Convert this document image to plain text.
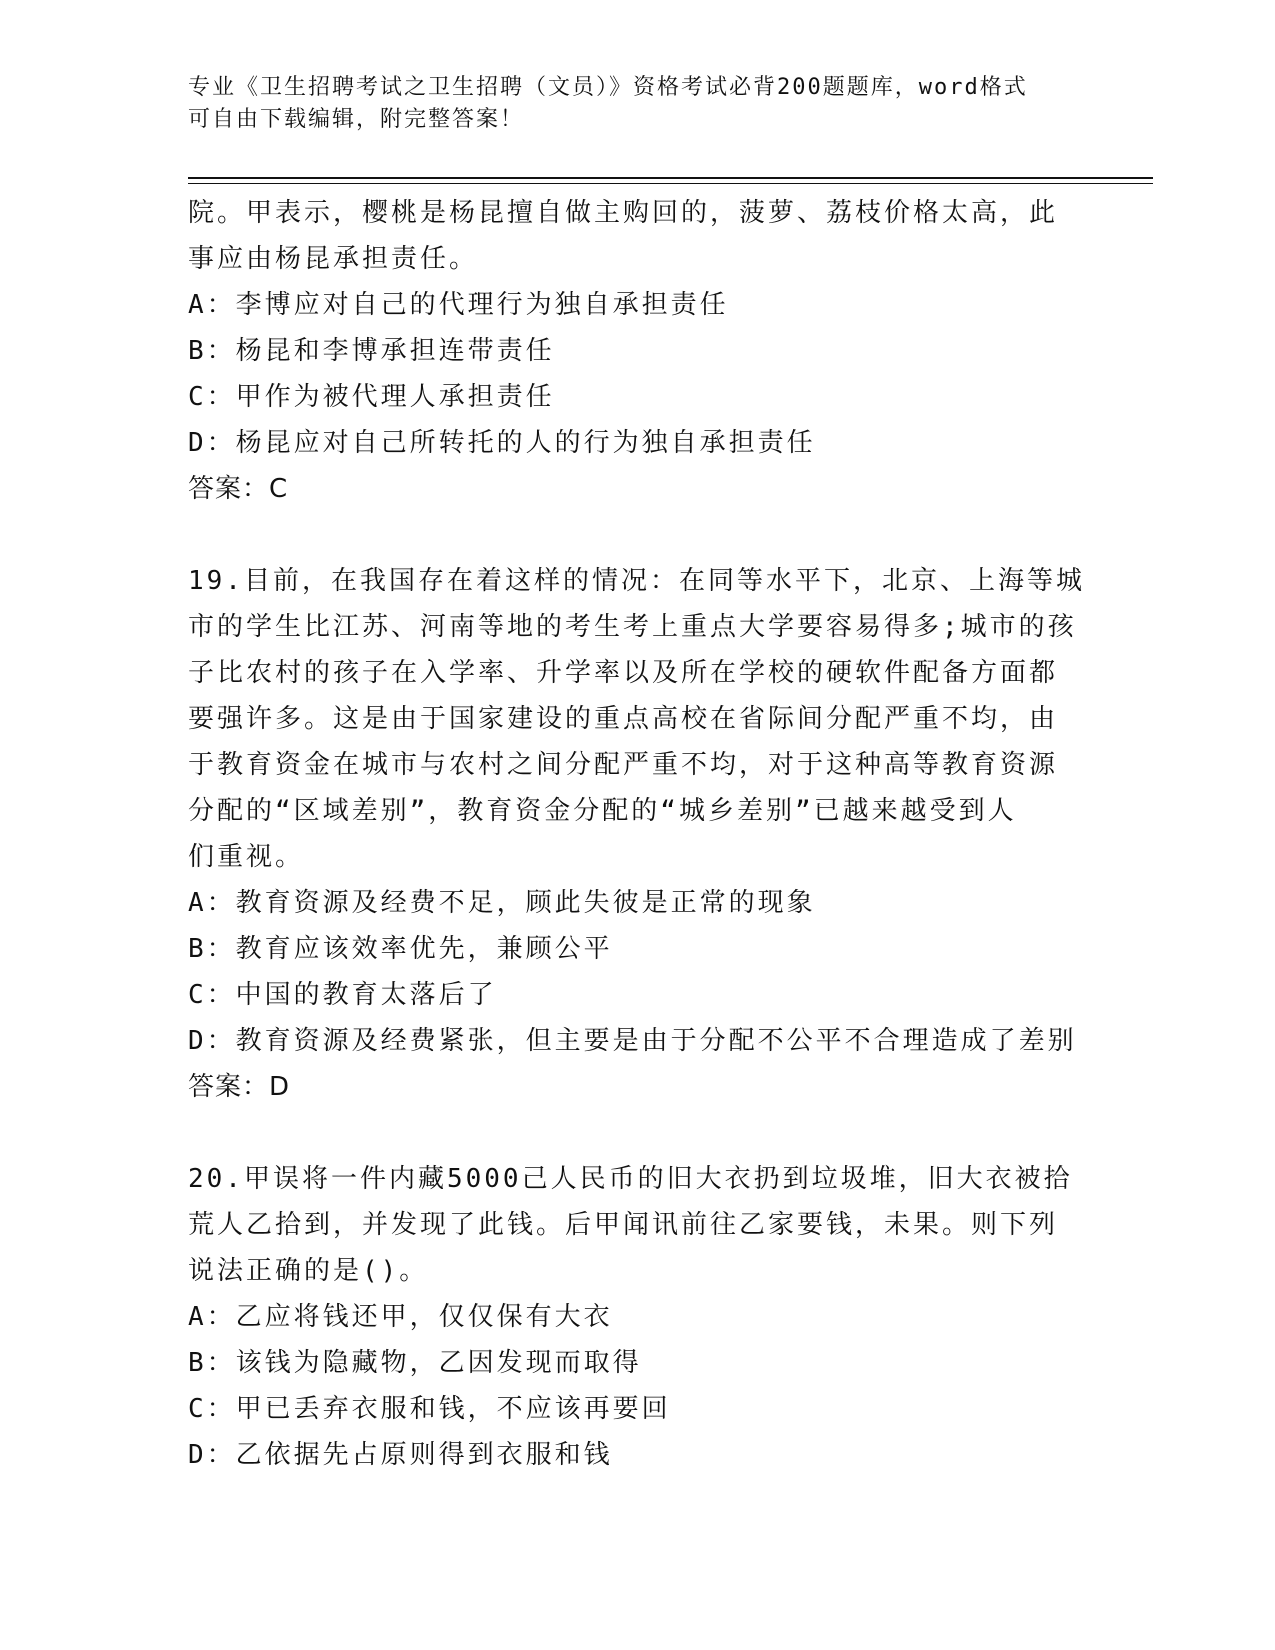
专业《卫生招聘考试之卫生招聘（文员）》资格考试必背200题题库，word格式
可自由下载编辑，附完整答案！

院。甲表示，樱桃是杨昆擅自做主购回的，菠萝、荔枝价格太高，此

事应由杨昆承担责任。

A：李博应对自己的代理行为独自承担责任

B：杨昆和李博承担连带责任

C：甲作为被代理人承担责任

D：杨昆应对自己所转托的人的行为独自承担责任

答案：C

19.目前，在我国存在着这样的情况：在同等水平下，北京、上海等城

市的学生比江苏、河南等地的考生考上重点大学要容易得多;城市的孩

子比农村的孩子在入学率、升学率以及所在学校的硬软件配备方面都

要强许多。这是由于国家建设的重点高校在省际间分配严重不均，由

于教育资金在城市与农村之间分配严重不均，对于这种高等教育资源

分配的“区域差别”，教育资金分配的“城乡差别”已越来越受到人

们重视。

A：教育资源及经费不足，顾此失彼是正常的现象

B：教育应该效率优先，兼顾公平

C：中国的教育太落后了

D：教育资源及经费紧张，但主要是由于分配不公平不合理造成了差别

答案：D

20.甲误将一件内藏5000己人民币的旧大衣扔到垃圾堆，旧大衣被拾

荒人乙拾到，并发现了此钱。后甲闻讯前往乙家要钱，未果。则下列

说法正确的是()。

A：乙应将钱还甲，仅仅保有大衣

B：该钱为隐藏物，乙因发现而取得

C：甲已丢弃衣服和钱，不应该再要回

D：乙依据先占原则得到衣服和钱
